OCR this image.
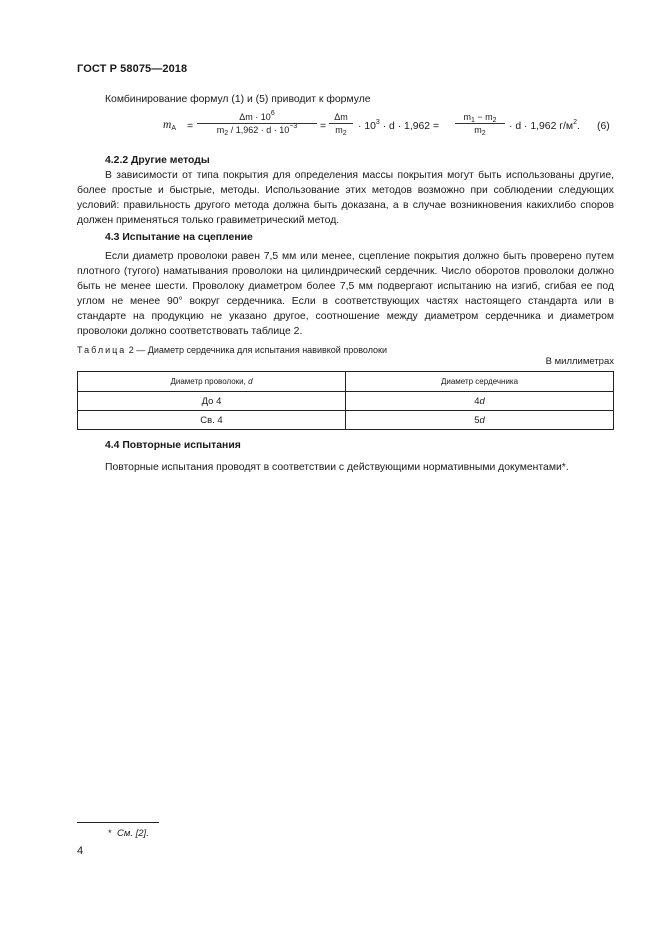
ГОСТ Р 58075—2018
Комбинирование формул (1) и (5) приводит к формуле
$m_A = \frac{\Delta m \cdot 10^6}{m_2 / 1,962 \cdot d \cdot 10^{-3}} = \frac{\Delta m}{m_2} \cdot 10^3 \cdot d \cdot 1,962 = \frac{m_1 - m_2}{m_2} \cdot d \cdot 1,962$ $г/м^2$. (6)
4.2.2 Другие методы
В зависимости от типа покрытия для определения массы покрытия могут быть использованы другие, более простые и быстрые, методы. Использование этих методов возможно при соблюдении следующих условий: правильность другого метода должна быть доказана, а в случае возникновения какихлибо споров должен применяться только гравиметрический метод.
4.3 Испытание на сцепление
Если диаметр проволоки равен 7,5 мм или менее, сцепление покрытия должно быть проверено путем плотного (тугого) наматывания проволоки на цилиндрический сердечник. Число оборотов проволоки должно быть не менее шести. Проволоку диаметром более 7,5 мм подвергают испытанию на изгиб, сгибая ее под углом не менее 90° вокруг сердечника. Если в соответствующих частях настоящего стандарта или в стандарте на продукцию не указано другое, соотношение между диаметром сердечника и диаметром проволоки должно соответствовать таблице 2.
Таблица 2 — Диаметр сердечника для испытания навивкой проволоки
В миллиметрах
Диаметр проволоки, d	Диаметр сердечника
До 4	4d
Св. 4	5d
4.4 Повторные испытания
Повторные испытания проводят в соответствии с действующими нормативными документами*.
* См. [2].
4
